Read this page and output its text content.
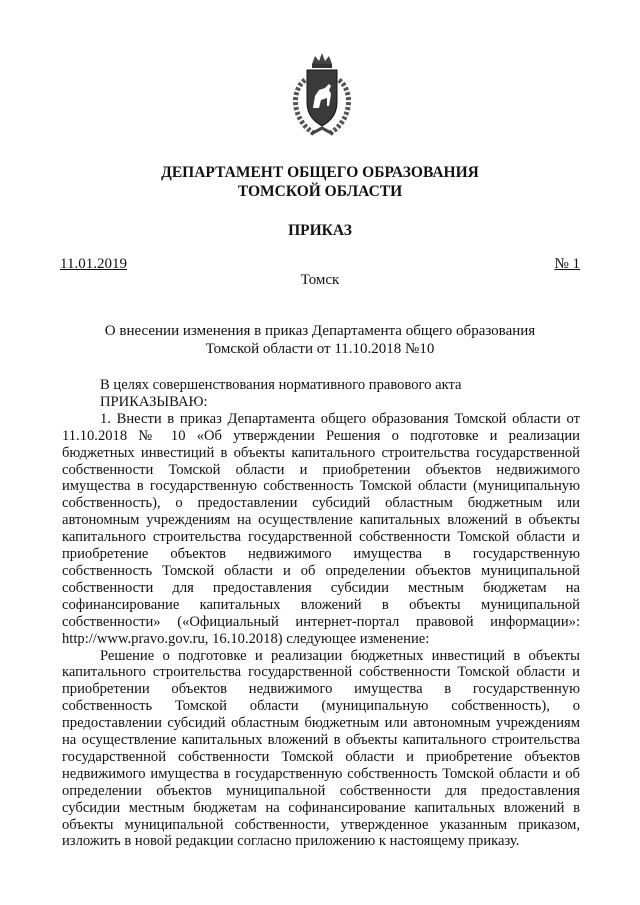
ДЕПАРТАМЕНТ ОБЩЕГО ОБРАЗОВАНИЯ
ТОМСКОЙ ОБЛАСТИ
ПРИКАЗ
11.01.2019	№ 1
Томск
О внесении изменения в приказ Департамента общего образования Томской области от 11.10.2018 №10

В целях совершенствования нормативного правового акта

ПРИКАЗЫВАЮ:

1. Внести в приказ Департамента общего образования Томской области от 11.10.2018 № 10 «Об утверждении Решения о подготовке и реализации бюджетных инвестиций в объекты капитального строительства государственной собственности Томской области и приобретении объектов недвижимого имущества в государственную собственность Томской области (муниципальную собственность), о предоставлении субсидий областным бюджетным или автономным учреждениям на осуществление капитальных вложений в объекты капитального строительства государственной собственности Томской области и приобретение объектов недвижимого имущества в государственную собственность Томской области и об определении объектов муниципальной собственности для предоставления субсидии местным бюджетам на софинансирование капитальных вложений в объекты муниципальной собственности» («Официальный интернет-портал правовой информации»: http://www.pravo.gov.ru, 16.10.2018) следующее изменение:

Решение о подготовке и реализации бюджетных инвестиций в объекты капитального строительства государственной собственности Томской области и приобретении объектов недвижимого имущества в государственную собственность Томской области (муниципальную собственность), о предоставлении субсидий областным бюджетным или автономным учреждениям на осуществление капитальных вложений в объекты капитального строительства государственной собственности Томской области и приобретение объектов недвижимого имущества в государственную собственность Томской области и об определении объектов муниципальной собственности для предоставления субсидии местным бюджетам на софинансирование капитальных вложений в объекты муниципальной собственности, утвержденное указанным приказом, изложить в новой редакции согласно приложению к настоящему приказу.
